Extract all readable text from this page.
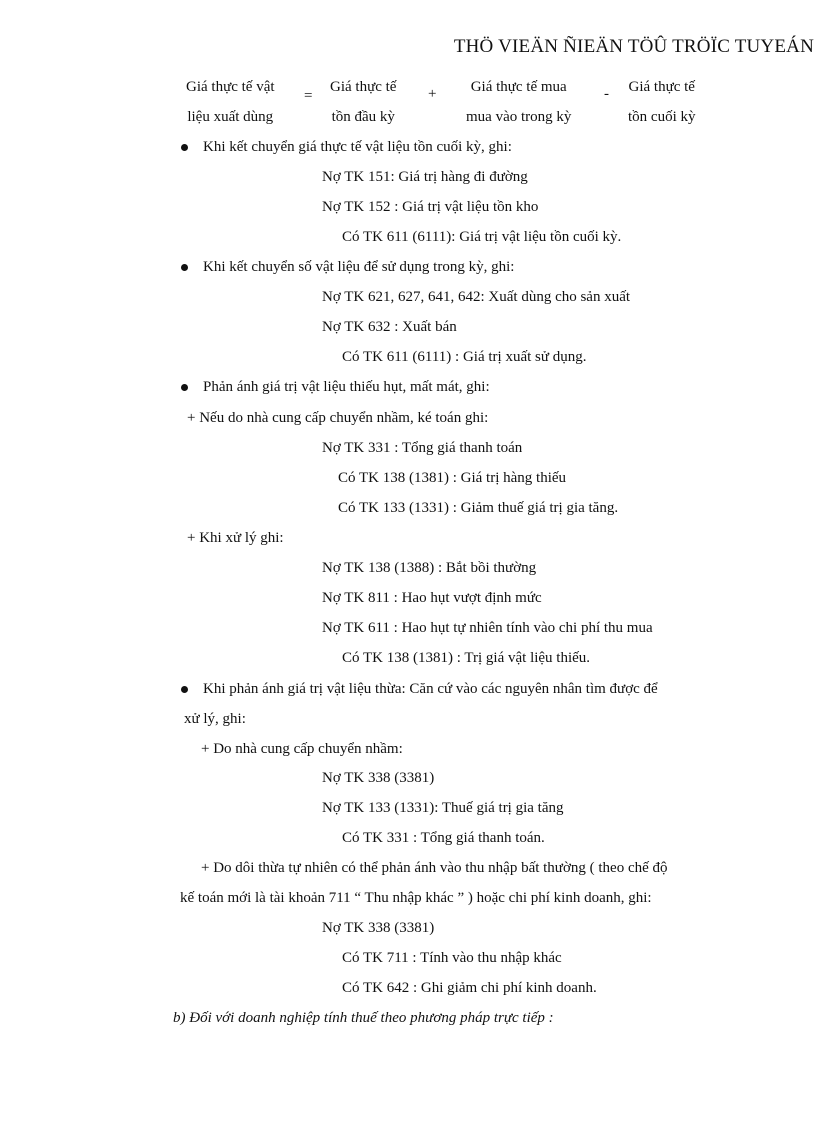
THÖ VIEÄN ÑIEÄN TÖÛ TRÖÏC TUYEÁN
Giá thực tế vật
liệu xuất dùng
=
Giá thực tế
tồn đầu kỳ
+	Giá thực tế mua
mua vào trong kỳ
- Giá thực tế
tồn cuối kỳ
Khi kết chuyển giá thực tế vật liệu tồn cuối kỳ, ghi:
Nợ TK 151: Giá trị hàng đi đường
Nợ TK 152 : Giá trị vật liệu tồn kho
Có TK 611 (6111): Giá trị vật liệu tồn cuối kỳ.
Khi kết chuyển số vật liệu để sử dụng trong kỳ, ghi:
Nợ TK 621, 627, 641, 642: Xuất dùng cho sản xuất
Nợ TK 632 : Xuất bán
Có TK 611 (6111) : Giá trị xuất sử dụng.
Phản ánh giá trị vật liệu thiếu hụt, mất mát, ghi:
+ Nếu do nhà cung cấp chuyển nhầm, ké toán ghi:
Nợ TK 331 : Tổng giá thanh toán
Có TK 138 (1381) : Giá trị hàng thiếu
Có TK 133 (1331) : Giảm thuế giá trị gia tăng.
+ Khi xử lý ghi:
Nợ TK 138 (1388) : Bắt bồi thường
Nợ TK 811 : Hao hụt vượt định mức
Nợ TK 611 : Hao hụt tự nhiên tính vào chi phí thu mua
Có TK 138 (1381) : Trị giá vật liệu thiếu.
Khi phản ánh giá trị vật liệu thừa: Căn cứ vào các nguyên nhân tìm được để
xử lý, ghi:
+ Do nhà cung cấp chuyển nhầm:
Nợ TK 338 (3381)
Nợ TK 133 (1331): Thuế giá trị gia tăng
Có TK 331 : Tổng giá thanh toán.
+ Do dôi thừa tự nhiên có thể phản ánh vào thu nhập bất thường ( theo chế độ
kế toán mới là tài khoản 711 “ Thu nhập khác ” ) hoặc chi phí kinh doanh, ghi:
Nợ TK 338 (3381)
Có TK 711 : Tính vào thu nhập khác
Có TK 642 : Ghi giảm chi phí kinh doanh.
b) Đối với doanh nghiệp tính thuế theo phương pháp trực tiếp :
